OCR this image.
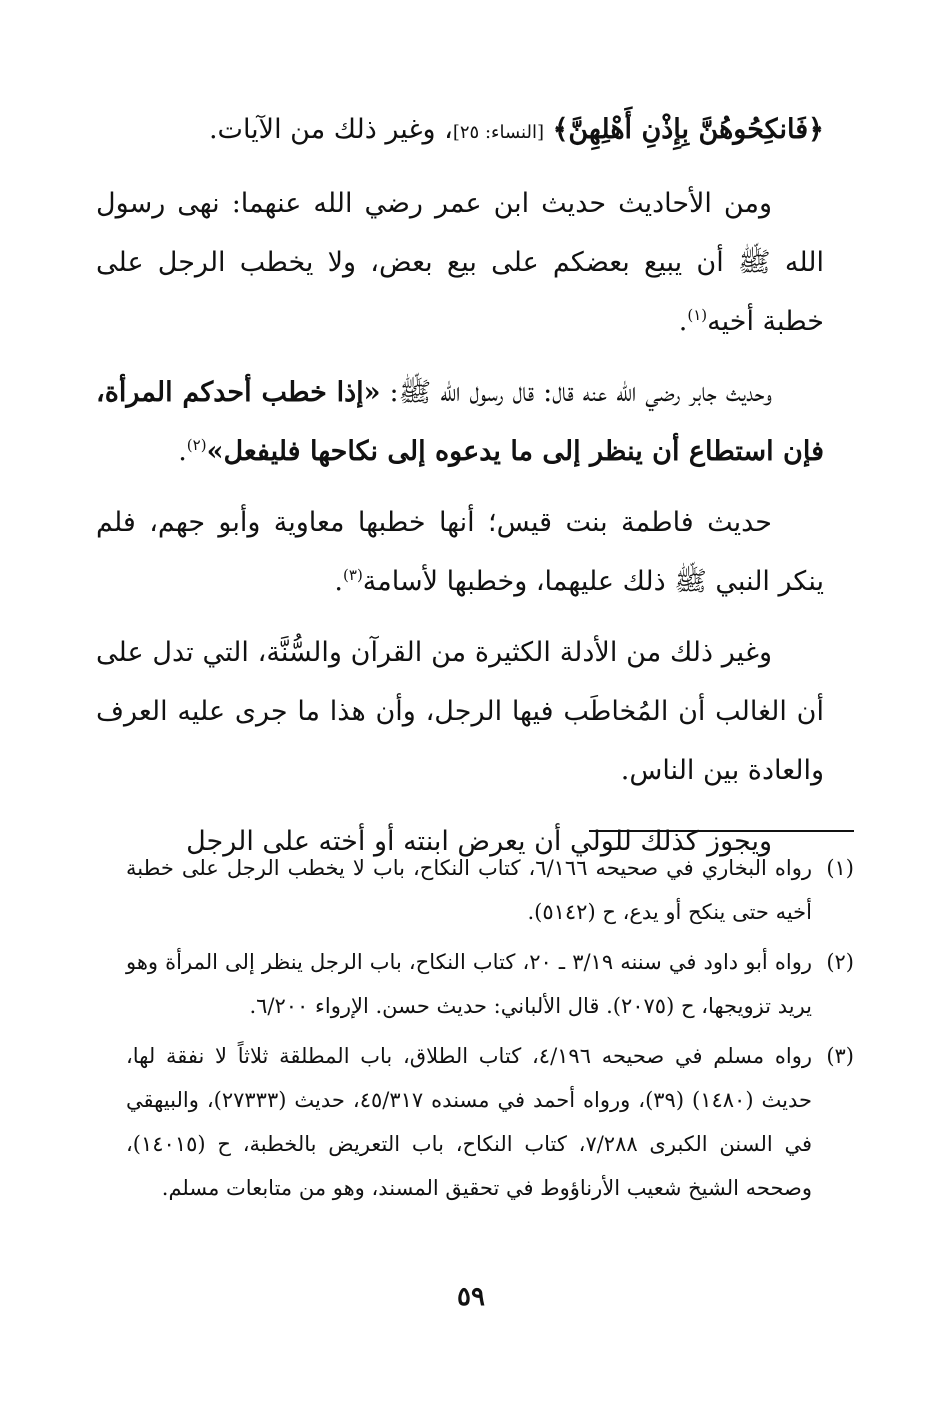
﴿فَانكِحُوهُنَّ بِإِذْنِ أَهْلِهِنَّ﴾ [النساء: ٢٥]، وغير ذلك من الآيات.

ومن الأحاديث حديث ابن عمر رضي الله عنهما: نهى رسول الله ﷺ أن يبيع بعضكم على بيع بعض، ولا يخطب الرجل على خطبة أخيه$^{(١)}$.

وحديث جابر رضي الله عنه قال: قال رسول الله ﷺ: «إذا خطب أحدكم المرأة، فإن استطاع أن ينظر إلى ما يدعوه إلى نكاحها فليفعل»$^{(٢)}$.

حديث فاطمة بنت قيس؛ أنها خطبها معاوية وأبو جهم، فلم ينكر النبي ﷺ ذلك عليهما، وخطبها لأسامة$^{(٣)}$.

وغير ذلك من الأدلة الكثيرة من القرآن والسُّنَّة، التي تدل على أن الغالب أن المُخاطَب فيها الرجل، وأن هذا ما جرى عليه العرف والعادة بين الناس.

ويجوز كذلك للولي أن يعرض ابنته أو أخته على الرجل

(١)
رواه البخاري في صحيحه ٦/١٦٦، كتاب النكاح، باب لا يخطب الرجل على خطبة أخيه حتى ينكح أو يدع، ح (٥١٤٢).
(٢)
رواه أبو داود في سننه ٣/١٩ ـ ٢٠، كتاب النكاح، باب الرجل ينظر إلى المرأة وهو يريد تزويجها، ح (٢٠٧٥). قال الألباني: حديث حسن. الإرواء ٦/٢٠٠.
(٣)
رواه مسلم في صحيحه ٤/١٩٦، كتاب الطلاق، باب المطلقة ثلاثاً لا نفقة لها، حديث (١٤٨٠) (٣٩)، ورواه أحمد في مسنده ٤٥/٣١٧، حديث (٢٧٣٣٣)، والبيهقي في السنن الكبرى ٧/٢٨٨، كتاب النكاح، باب التعريض بالخطبة، ح (١٤٠١٥)، وصححه الشيخ شعيب الأرناؤوط في تحقيق المسند، وهو من متابعات مسلم.
٥٩
